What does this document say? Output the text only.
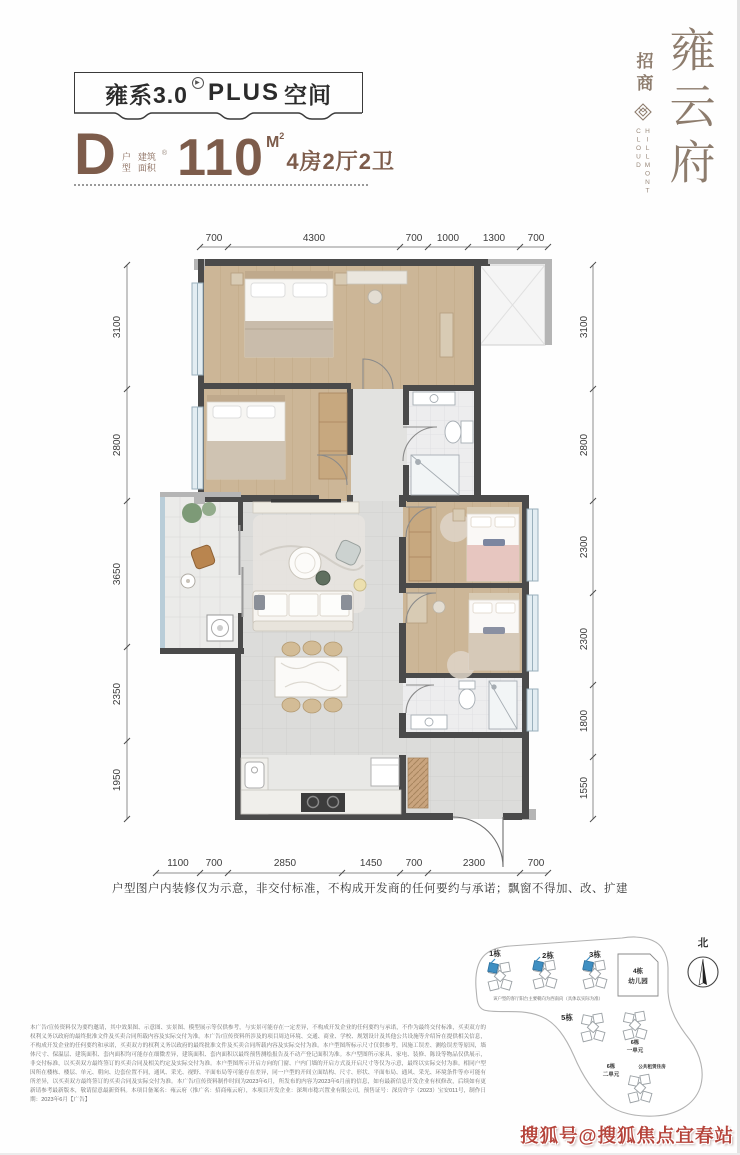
雍系3.0	▶ PLUS 空间
D 户型 建筑
面积
® 110 $M^2$
4房2厅2卫
招商
CLOUD HILLMONT 雍云府
700	4300	700 1000 1300 700
3100
2800
3650
2350
1950
3100
2800
2300
2300
1800
1550
1100 700	2850	1450 700	2300	700
户型图户内装修仅为示意，非交付标准，不构成开发商的任何要约与承诺；飘窗不得加、改、扩建
1栋	2栋	3栋
5栋
4栋
幼儿园
6栋
一单元
6栋
二单元
公共租赁住房
该户型的客厅阳台主要朝向为西南向（具体以实际为准）
北
本广告/宣传资料仅为要约邀请，其中效果图、示意图、实景图、模型展示等仅供参考，与实景可能存在一定差异，不构成开发企业的任何要约与承诺，不作为最终交付标准，买卖双方的权利义务以政府的最终批准文件及买卖合同所载内容及实际交付为准。本广告/宣传资料所涉及的项目周边环境、交通、商业、学校、规划设计及其他公共设施等介绍旨在提供相关信息，不构成开发企业的任何要约和承诺，买卖双方的权利义务以政府的最终批准文件及买卖合同所载内容及实际交付为准。本户型图所标示尺寸仅供参考，因施工误差、测绘误差等原因，墙体尺寸、保温层、建筑面积、套内面积均可能存在细微差异，建筑面积、套内面积以最终预售测绘报告及不动产登记面积为准。本户型图所示家具、家电、装修、陈设等物品仅供展示，非交付标准，以买卖双方最终签订的买卖合同及相关约定及实际交付为准。本户型图所示开启方向的门窗、户内门墙的开启方式及开启尺寸等仅为示意，最终以实际交付为准。相同户型因所在楼栋、楼层、单元、朝向、边套位置不同，通风、采光、视野、平面布局等可能存在差异，同一户型的开间立面结构、尺寸、形状、平面布局、通风、采光、环境条件等亦可能有所差异，以买卖双方最终签订的买卖合同及实际交付为准。本广告/宣传资料制作时间为2023年6月，所发布的内容为2023年6月前的信息，如有最新信息开发企业有权修改，后续如有更新请参考最新版本，敬请留意最新资料。本项目备案名：雍云府（推广名：招商雍云府），本项目开发企业：深圳市稔兴置业有限公司，预售证号：深房许字（2023）宝安011号，制作日期：2023年6月【广告】
搜狐号@搜狐焦点宜春站
